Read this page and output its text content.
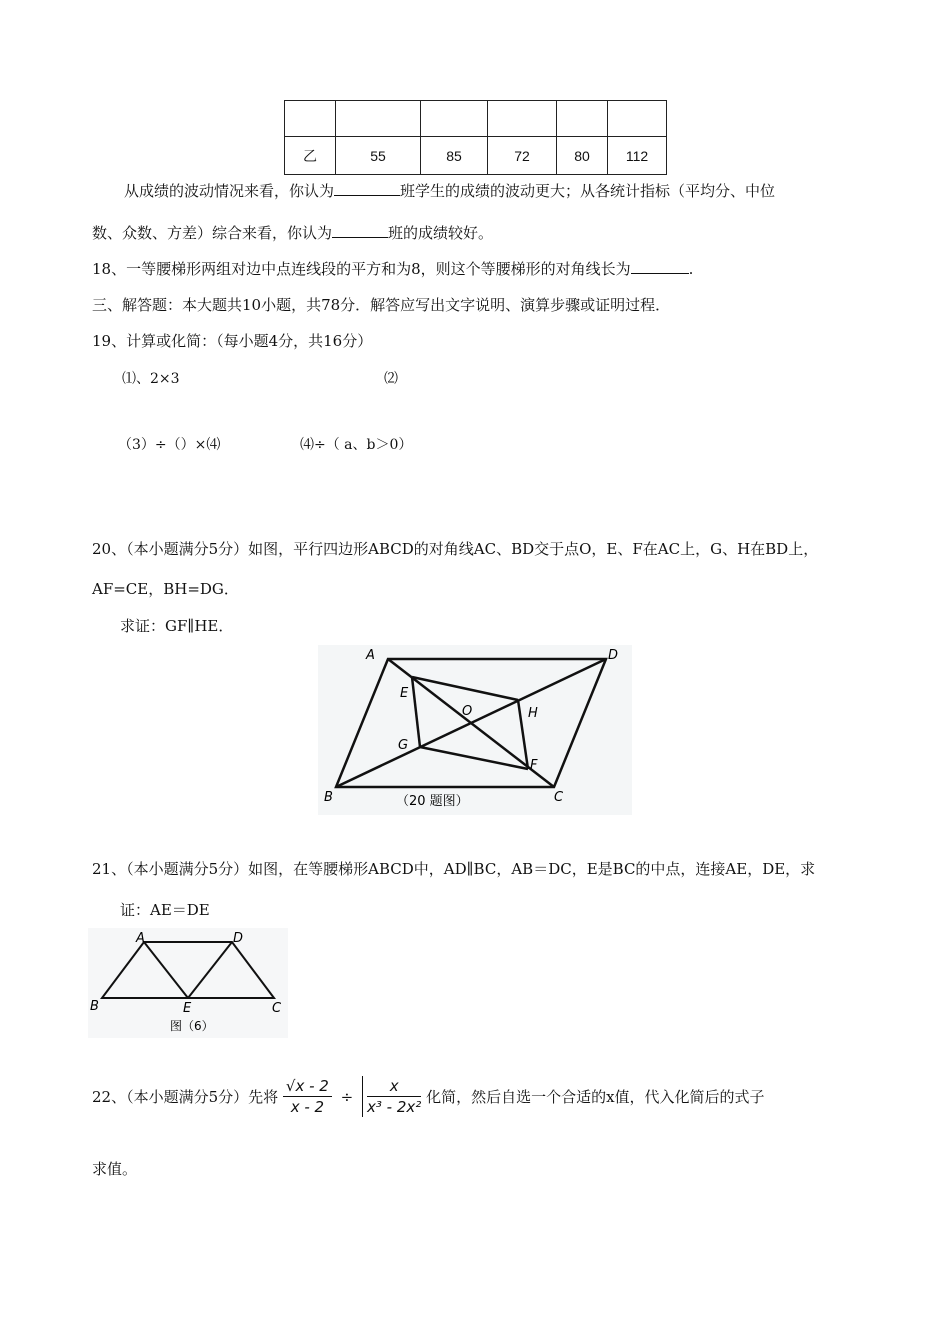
乙	55	85	72	80	112
从成绩的波动情况来看，你认为	班学生的成绩的波动更大；从各统计指标（平均分、中位
数、众数、方差）综合来看，你认为	班的成绩较好。
18、一等腰梯形两组对边中点连线段的平方和为8，则这个等腰梯形的对角线长为	.
三、解答题：本大题共10小题，共78分．解答应写出文字说明、演算步骤或证明过程．
19、计算或化简：（每小题4分，共16分）
⑴、2×3	⑵
（3）÷（）×⑷	⑷÷（ a、b＞0）
20、（本小题满分5分）如图，平行四边形ABCD的对角线AC、BD交于点O，E、F在AC上，G、H在BD上，
AF=CE，BH=DG．
求证：GF∥HE．
A	D
E
O	H
G
F
B	C
（20 题图）
21、（本小题满分5分）如图，在等腰梯形ABCD中，AD∥BC，AB＝DC，E是BC的中点，连接AE，DE，求
证：AE＝DE
A	D
B	E	C
图（6）
22、（本小题满分5分）先将 $\frac{√x - 2}{x - 2} \div \frac{x}{\text{x³ - 2x²}}$ 化简，然后自选一个合适的x值，代入化简后的式子
求值。
